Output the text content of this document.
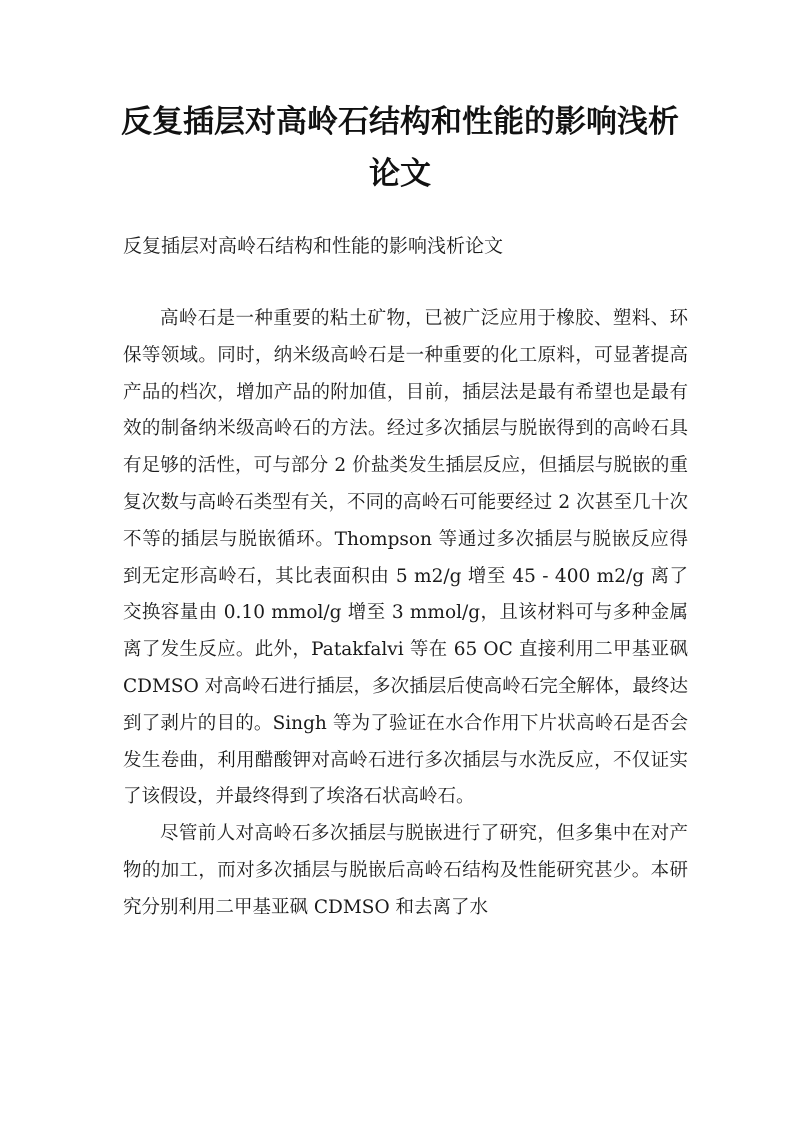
反复插层对高岭石结构和性能的影响浅析
论文

反复插层对高岭石结构和性能的影响浅析论文

高岭石是一种重要的粘土矿物，已被广泛应用于橡胶、塑料、环保等领域。同时，纳米级高岭石是一种重要的化工原料，可显著提高产品的档次，增加产品的附加值，目前，插层法是最有希望也是最有效的制备纳米级高岭石的方法。经过多次插层与脱嵌得到的高岭石具有足够的活性，可与部分 2 价盐类发生插层反应，但插层与脱嵌的重复次数与高岭石类型有关，不同的高岭石可能要经过 2 次甚至几十次不等的插层与脱嵌循环。Thompson 等通过多次插层与脱嵌反应得到无定形高岭石，其比表面积由 5 m2/g 增至 45 - 400 m2/g 离了交换容量由 0.10 mmol/g 增至 3 mmol/g，且该材料可与多种金属离了发生反应。此外，Patakfalvi 等在 65 OC 直接利用二甲基亚砜 CDMSO 对高岭石进行插层，多次插层后使高岭石完全解体，最终达到了剥片的目的。Singh 等为了验证在水合作用下片状高岭石是否会发生卷曲，利用醋酸钾对高岭石进行多次插层与水洗反应，不仅证实了该假设，并最终得到了埃洛石状高岭石。

尽管前人对高岭石多次插层与脱嵌进行了研究，但多集中在对产物的加工，而对多次插层与脱嵌后高岭石结构及性能研究甚少。本研究分别利用二甲基亚砜 CDMSO 和去离了水
